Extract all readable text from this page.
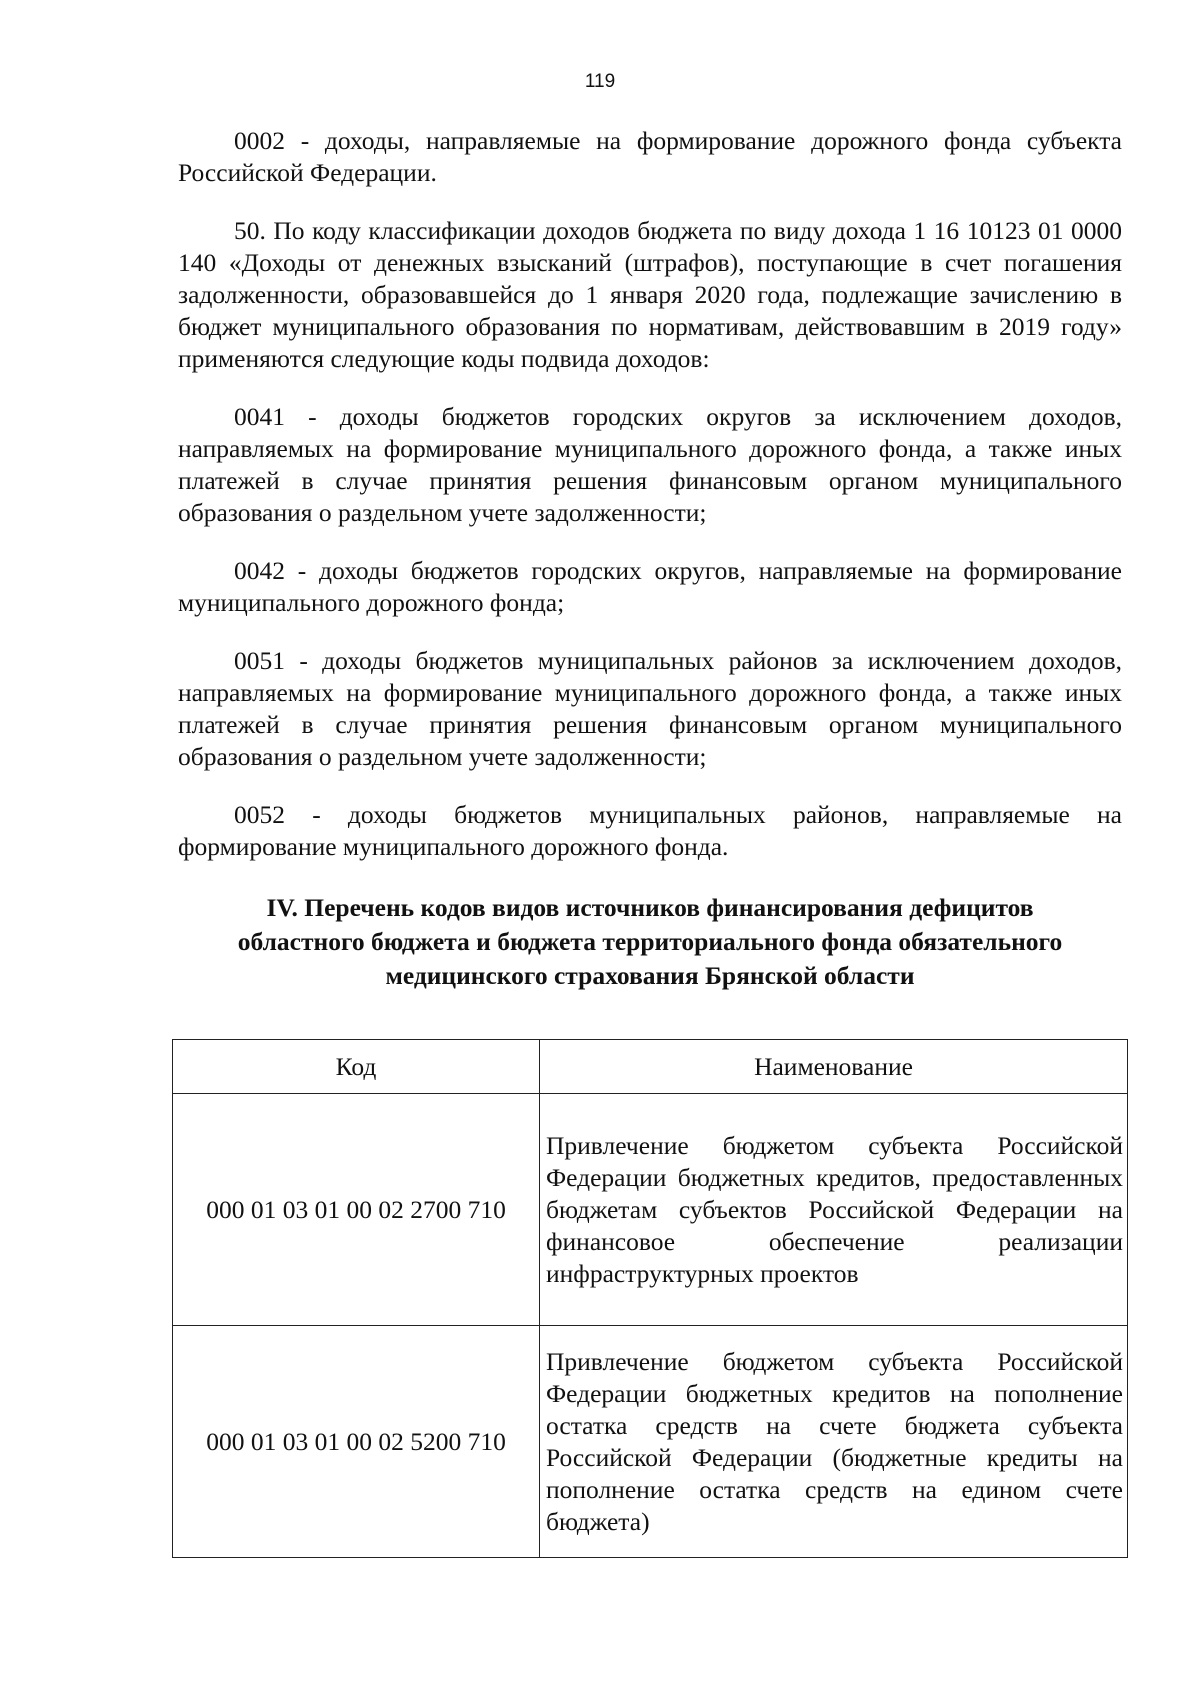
119

0002 - доходы, направляемые на формирование дорожного фонда субъекта Российской Федерации.

50. По коду классификации доходов бюджета по виду дохода 1 16 10123 01 0000 140 «Доходы от денежных взысканий (штрафов), поступающие в счет погашения задолженности, образовавшейся до 1 января 2020 года, подлежащие зачислению в бюджет муниципального образования по нормативам, действовавшим в 2019 году» применяются следующие коды подвида доходов:

0041 - доходы бюджетов городских округов за исключением доходов, направляемых на формирование муниципального дорожного фонда, а также иных платежей в случае принятия решения финансовым органом муниципального образования о раздельном учете задолженности;

0042 - доходы бюджетов городских округов, направляемые на формирование муниципального дорожного фонда;

0051 - доходы бюджетов муниципальных районов за исключением доходов, направляемых на формирование муниципального дорожного фонда, а также иных платежей в случае принятия решения финансовым органом муниципального образования о раздельном учете задолженности;

0052 - доходы бюджетов муниципальных районов, направляемые на формирование муниципального дорожного фонда.

IV. Перечень кодов видов источников финансирования дефицитов
областного бюджета и бюджета территориального фонда обязательного
медицинского страхования Брянской области
Код	Наименование
000 01 03 01 00 02 2700 710	Привлечение бюджетом субъекта Российской Федерации бюджетных кредитов, предоставленных бюджетам субъектов Российской Федерации на финансовое обеспечение реализации инфраструктурных проектов
000 01 03 01 00 02 5200 710	Привлечение бюджетом субъекта Российской Федерации бюджетных кредитов на пополнение остатка средств на счете бюджета субъекта Российской Федерации (бюджетные кредиты на пополнение остатка средств на едином счете бюджета)
